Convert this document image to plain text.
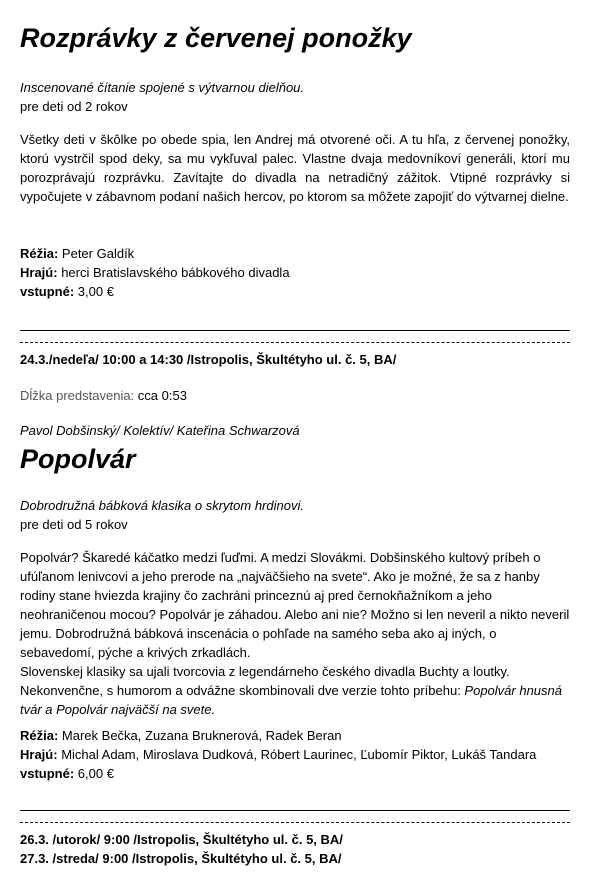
Rozprávky z červenej ponožky

Inscenované čítanie spojené s výtvarnou dielňou.

pre deti od 2 rokov

Všetky deti v škôlke po obede spia, len Andrej má otvorené oči. A tu hľa, z červenej ponožky, ktorú vystrčil spod deky, sa mu vykľuval palec. Vlastne dvaja medovníkoví generáli, ktorí mu porozprávajú rozprávku. Zavítajte do divadla na netradičný zážitok. Vtipné rozprávky si vypočujete v zábavnom podaní našich hercov, po ktorom sa môžete zapojiť do výtvarnej dielne.

Réžia: Peter Galdík
Hrajú: herci Bratislavského bábkového divadla
vstupné: 3,00 €
24.3./nedeľa/ 10:00 a 14:30 /Istropolis, Škultétyho ul. č. 5, BA/
Dĺžka predstavenia: cca 0:53
Pavol Dobšinský/ Kolektív/ Kateřina Schwarzová
Popolvár

Dobrodružná bábková klasika o skrytom hrdinovi.

pre deti od 5 rokov

Popolvár? Škaredé káčatko medzi ľuďmi. A medzi Slovákmi. Dobšinského kultový príbeh o ufúľanom lenivcovi a jeho prerode na „najväčšieho na svete“. Ako je možné, že sa z hanby rodiny stane hviezda krajiny čo zachráni princeznú aj pred černokňažníkom a jeho neohraničenou mocou? Popolvár je záhadou. Alebo ani nie? Možno si len neveril a nikto neveril jemu. Dobrodružná bábková inscenácia o pohľade na samého seba ako aj iných, o sebavedomí, pýche a krivých zrkadlách.

Slovenskej klasiky sa ujali tvorcovia z legendárneho českého divadla Buchty a loutky. Nekonvenčne, s humorom a odvážne skombinovali dve verzie tohto príbehu: Popolvár hnusná tvár a Popolvár najväčší na svete.

Réžia: Marek Bečka, Zuzana Bruknerová, Radek Beran
Hrajú: Michal Adam, Miroslava Dudková, Róbert Laurinec, Ľubomír Piktor, Lukáš Tandara
vstupné: 6,00 €
26.3. /utorok/ 9:00 /Istropolis, Škultétyho ul. č. 5, BA/
27.3. /streda/ 9:00 /Istropolis, Škultétyho ul. č. 5, BA/
